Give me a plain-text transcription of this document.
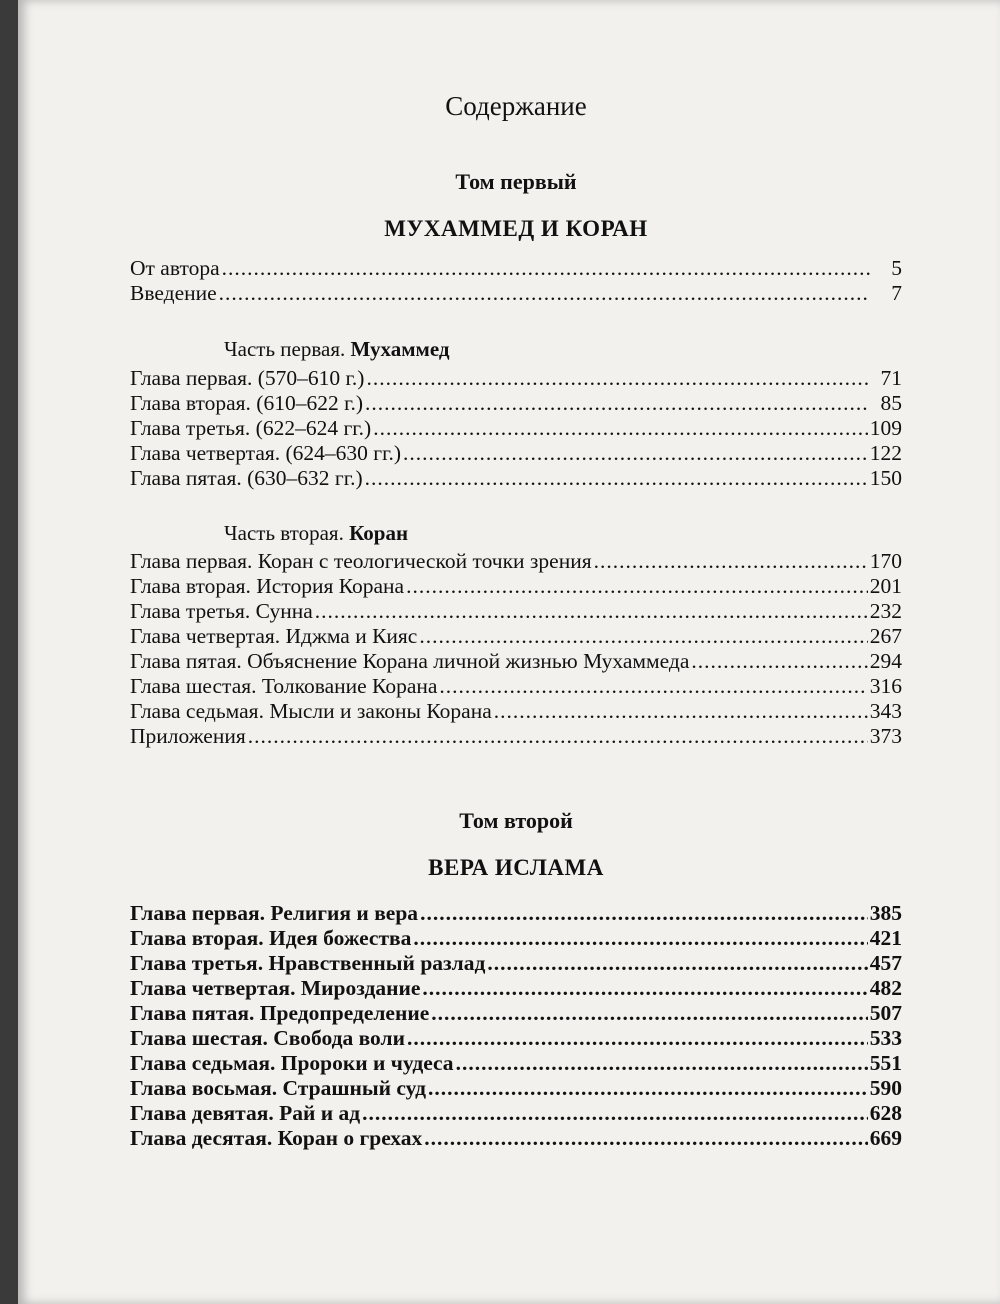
Содержание
Том первый
МУХАММЕД И КОРАН
От автора .....	5
Введение .....	7
Часть первая. Мухаммед
Глава первая. (570–610 г.) .....	71
Глава вторая. (610–622 г.) .....	85
Глава третья. (622–624 гг.) .....	109
Глава четвертая. (624–630 гг.) .....	122
Глава пятая. (630–632 гг.) .....	150
Часть вторая. Коран
Глава первая. Коран с теологической точки зрения .....	170
Глава вторая. История Корана .....	201
Глава третья. Сунна .....	232
Глава четвертая. Иджма и Кияс .....	267
Глава пятая. Объяснение Корана личной жизнью Мухаммеда .....	294
Глава шестая. Толкование Корана .....	316
Глава седьмая. Мысли и законы Корана .....	343
Приложения .....	373
Том второй
ВЕРА ИСЛАМА
Глава первая. Религия и вера .....	385
Глава вторая. Идея божества .....	421
Глава третья. Нравственный разлад .....	457
Глава четвертая. Мироздание .....	482
Глава пятая. Предопределение .....	507
Глава шестая. Свобода воли .....	533
Глава седьмая. Пророки и чудеса .....	551
Глава восьмая. Страшный суд .....	590
Глава девятая. Рай и ад .....	628
Глава десятая. Коран о грехах .....	669
